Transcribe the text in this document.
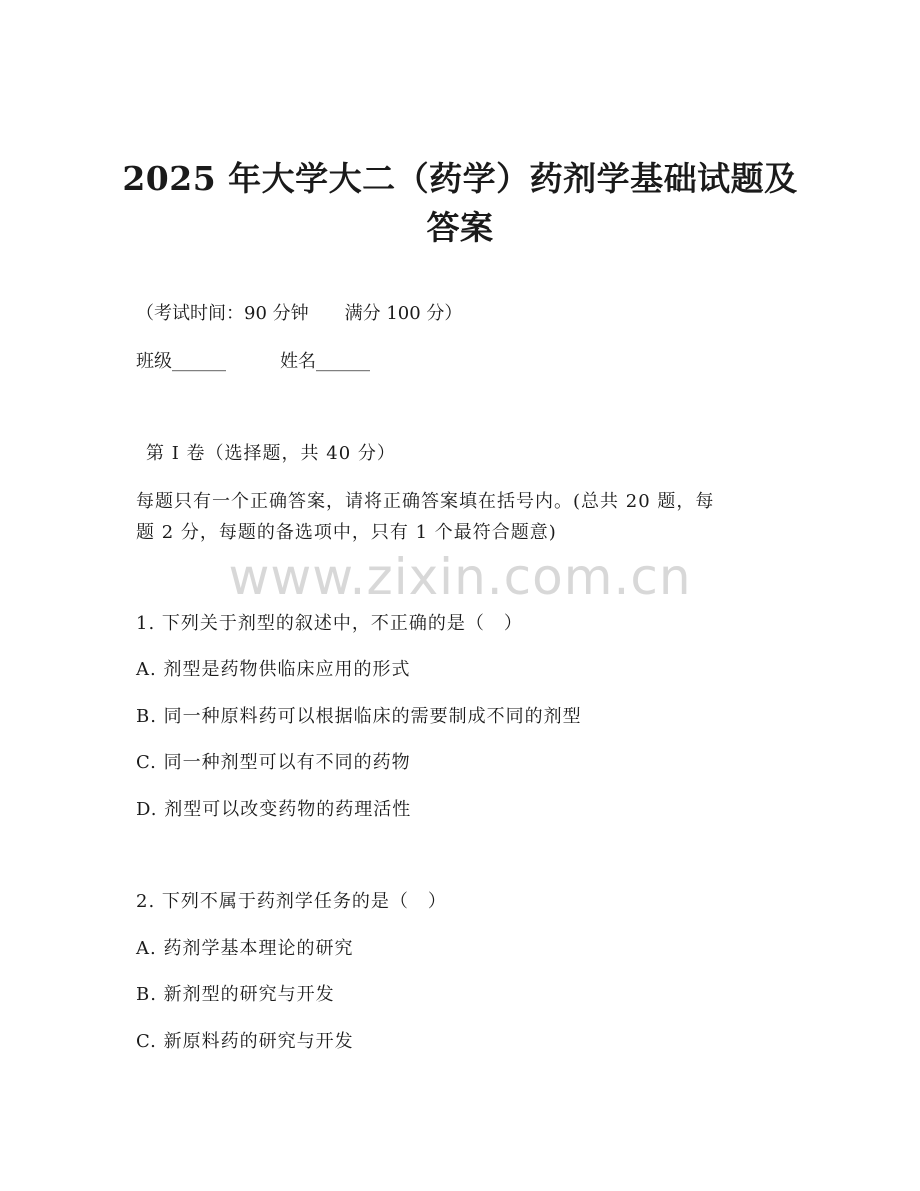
2025 年大学大二（药学）药剂学基础试题及
答案
（考试时间：90 分钟　　满分 100 分）
班级______　　　姓名______
第 I 卷（选择题，共 40 分）
每题只有一个正确答案，请将正确答案填在括号内。(总共 20 题，每
题 2 分，每题的备选项中，只有 1 个最符合题意)
www.zixin.com.cn
1. 下列关于剂型的叙述中，不正确的是（　）
A. 剂型是药物供临床应用的形式
B. 同一种原料药可以根据临床的需要制成不同的剂型
C. 同一种剂型可以有不同的药物
D. 剂型可以改变药物的药理活性
2. 下列不属于药剂学任务的是（　）
A. 药剂学基本理论的研究
B. 新剂型的研究与开发
C. 新原料药的研究与开发
